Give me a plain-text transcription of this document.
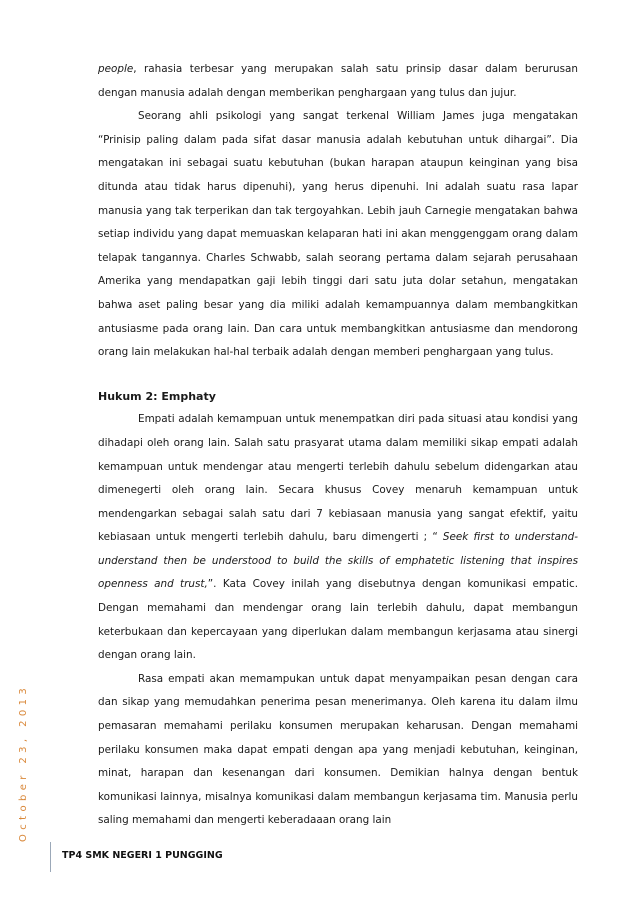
October 23, 2013

people, rahasia terbesar yang merupakan salah satu prinsip dasar dalam berurusan dengan manusia adalah dengan memberikan penghargaan yang tulus dan jujur.

Seorang ahli psikologi yang sangat terkenal William James juga mengatakan “Prinisip paling dalam pada sifat dasar manusia adalah kebutuhan untuk dihargai”. Dia mengatakan ini sebagai suatu kebutuhan (bukan harapan ataupun keinginan yang bisa ditunda atau tidak harus dipenuhi), yang herus dipenuhi. Ini adalah suatu rasa lapar manusia yang tak terperikan dan tak tergoyahkan. Lebih jauh Carnegie mengatakan bahwa setiap individu yang dapat memuaskan kelaparan hati ini akan menggenggam orang dalam telapak tangannya. Charles Schwabb, salah seorang pertama dalam sejarah perusahaan Amerika yang mendapatkan gaji lebih tinggi dari satu juta dolar setahun, mengatakan bahwa aset paling besar yang dia miliki adalah kemampuannya dalam membangkitkan antusiasme pada orang lain. Dan cara untuk membangkitkan antusiasme dan mendorong orang lain melakukan hal-hal terbaik adalah dengan memberi penghargaan yang tulus.

Hukum 2: Emphaty

Empati adalah kemampuan untuk menempatkan diri pada situasi atau kondisi yang dihadapi oleh orang lain. Salah satu prasyarat utama dalam memiliki sikap empati adalah kemampuan untuk mendengar atau mengerti terlebih dahulu sebelum didengarkan atau dimenegerti oleh orang lain. Secara khusus Covey menaruh kemampuan untuk mendengarkan sebagai salah satu dari 7 kebiasaan manusia yang sangat efektif, yaitu kebiasaan untuk mengerti terlebih dahulu, baru dimengerti ; “ Seek first to understand- understand then be understood to build the skills of emphatetic listening that inspires openness and trust,”. Kata Covey inilah yang disebutnya dengan komunikasi empatic. Dengan memahami dan mendengar orang lain terlebih dahulu, dapat membangun keterbukaan dan kepercayaan yang diperlukan dalam membangun kerjasama atau sinergi dengan orang lain.

Rasa empati akan memampukan untuk dapat menyampaikan pesan dengan cara dan sikap yang memudahkan penerima pesan menerimanya. Oleh karena itu dalam ilmu pemasaran memahami perilaku konsumen merupakan keharusan. Dengan memahami perilaku konsumen maka dapat empati dengan apa yang menjadi kebutuhan, keinginan, minat, harapan dan kesenangan dari konsumen. Demikian halnya dengan bentuk komunikasi lainnya, misalnya komunikasi dalam membangun kerjasama tim. Manusia perlu saling memahami dan mengerti keberadaaan orang lain

TP4 SMK NEGERI 1 PUNGGING
